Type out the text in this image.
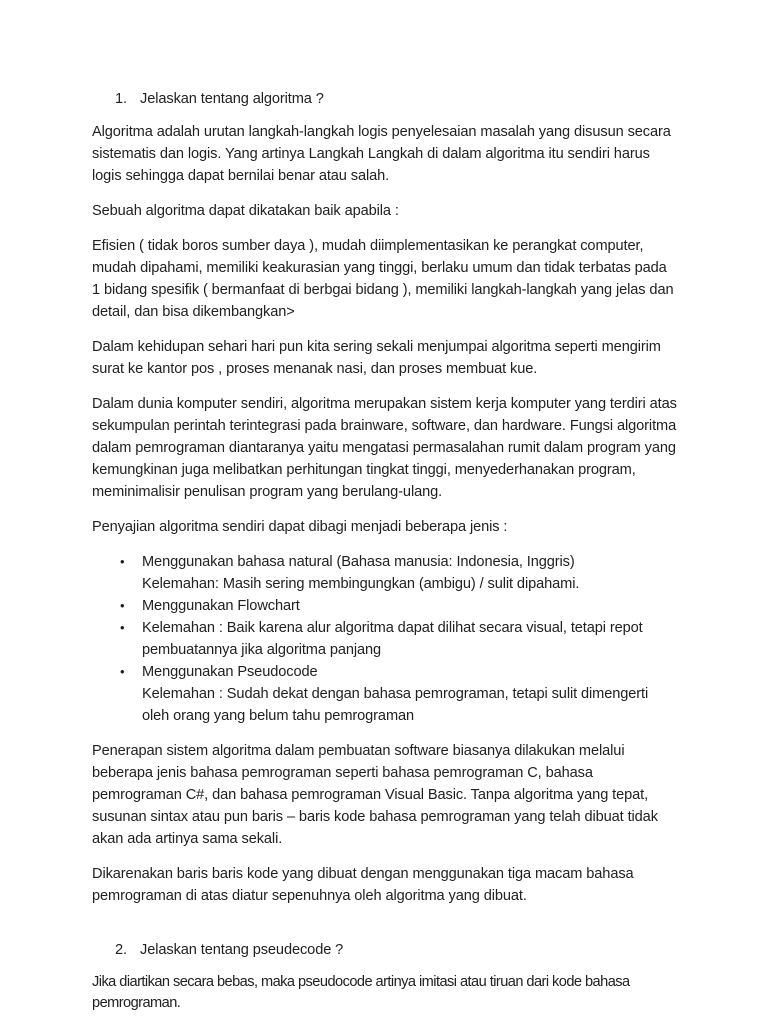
1. Jelaskan tentang algoritma ?

Algoritma adalah urutan langkah-langkah logis penyelesaian masalah yang disusun secara sistematis dan logis. Yang artinya Langkah Langkah di dalam algoritma itu sendiri harus logis sehingga dapat bernilai benar atau salah.

Sebuah algoritma dapat dikatakan baik apabila :

Efisien ( tidak boros sumber daya ), mudah diimplementasikan ke perangkat computer, mudah dipahami, memiliki keakurasian yang tinggi, berlaku umum dan tidak terbatas pada 1 bidang spesifik ( bermanfaat di berbgai bidang ), memiliki langkah-langkah yang jelas dan detail, dan bisa dikembangkan>

Dalam kehidupan sehari hari pun kita sering sekali menjumpai algoritma seperti mengirim surat ke kantor pos , proses menanak nasi, dan proses membuat kue.

Dalam dunia komputer sendiri, algoritma merupakan sistem kerja komputer yang terdiri atas sekumpulan perintah terintegrasi pada brainware, software, dan hardware. Fungsi algoritma dalam pemrograman diantaranya yaitu mengatasi permasalahan rumit dalam program yang kemungkinan juga melibatkan perhitungan tingkat tinggi, menyederhanakan program, meminimalisir penulisan program yang berulang-ulang.

Penyajian algoritma sendiri dapat dibagi menjadi beberapa jenis :

•	Menggunakan bahasa natural (Bahasa manusia: Indonesia, Inggris)
Kelemahan: Masih sering membingungkan (ambigu) / sulit dipahami.
•	Menggunakan Flowchart
•	Kelemahan : Baik karena alur algoritma dapat dilihat secara visual, tetapi repot pembuatannya jika algoritma panjang
•	Menggunakan Pseudocode
Kelemahan : Sudah dekat dengan bahasa pemrograman, tetapi sulit dimengerti oleh orang yang belum tahu pemrograman

Penerapan sistem algoritma dalam pembuatan software biasanya dilakukan melalui beberapa jenis bahasa pemrograman seperti bahasa pemrograman C, bahasa pemrograman C#, dan bahasa pemrograman Visual Basic. Tanpa algoritma yang tepat, susunan sintax atau pun baris – baris kode bahasa pemrograman yang telah dibuat tidak akan ada artinya sama sekali.

Dikarenakan baris baris kode yang dibuat dengan menggunakan tiga macam bahasa pemrograman di atas diatur sepenuhnya oleh algoritma yang dibuat.

2. Jelaskan tentang pseudecode ?

Jika diartikan secara bebas, maka pseudocode artinya imitasi atau tiruan dari kode bahasa pemrograman.
